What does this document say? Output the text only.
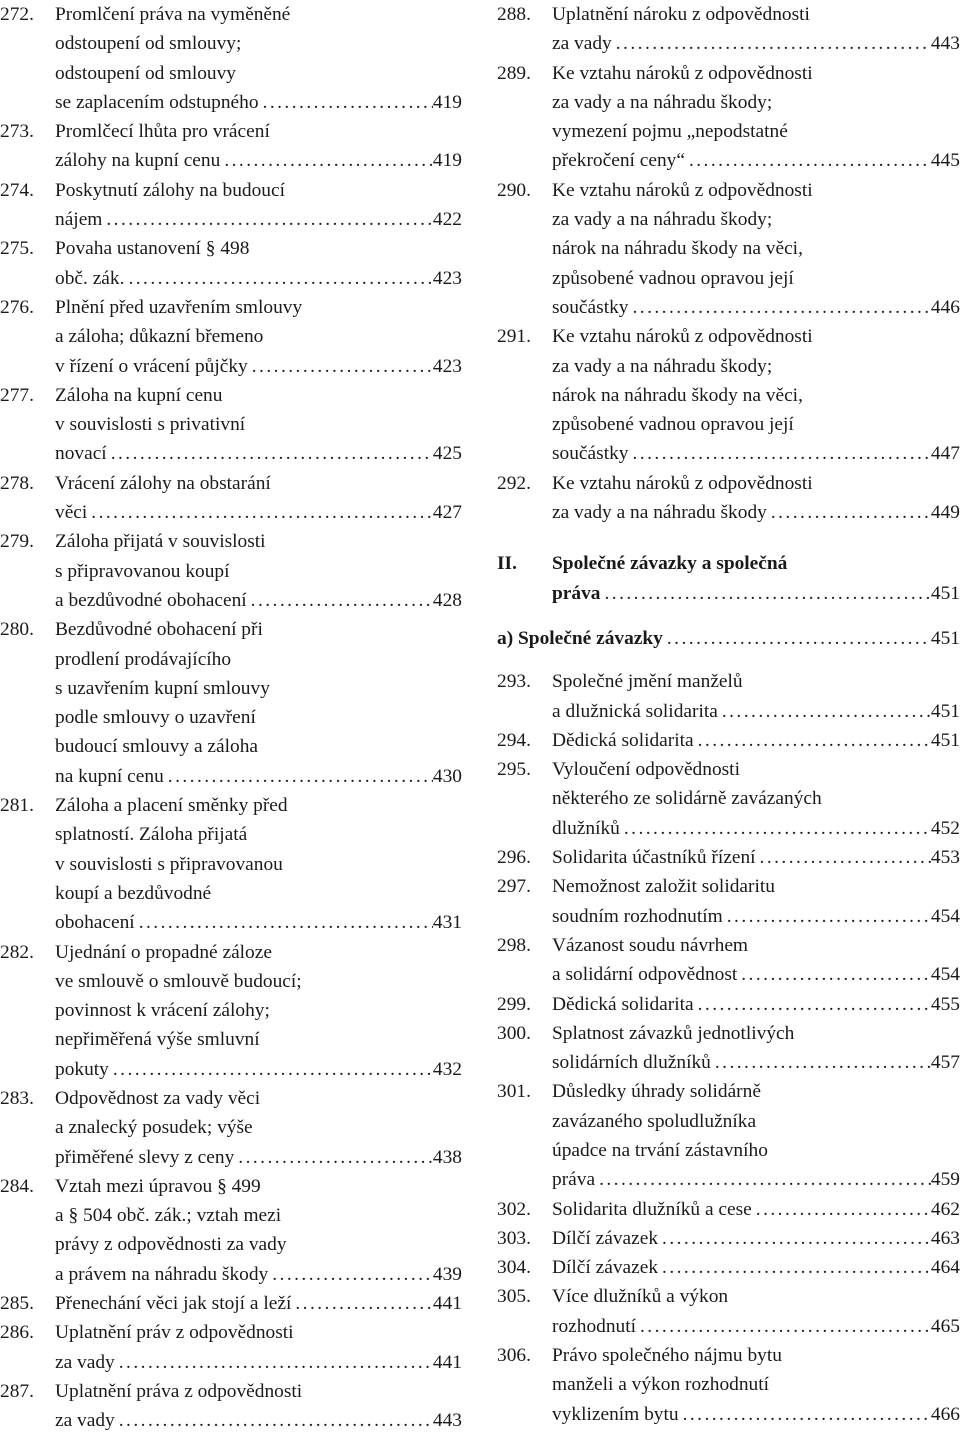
272. Promlčení práva na vyměněné
odstoupení od smlouvy;
odstoupení od smlouvy
se zaplacením odstupného . . .	419
273. Promlčecí lhůta pro vrácení
zálohy na kupní cenu . . .	419
274. Poskytnutí zálohy na budoucí
nájem . . .	422
275. Povaha ustanovení § 498
obč. zák. . . .	423
276. Plnění před uzavřením smlouvy
a záloha; důkazní břemeno
v řízení o vrácení půjčky . . .	423
277. Záloha na kupní cenu
v souvislosti s privativní
novací . . .	425
278. Vrácení zálohy na obstarání
věci . . .	427
279. Záloha přijatá v souvislosti
s připravovanou koupí
a bezdůvodné obohacení . . .	428
280. Bezdůvodné obohacení při
prodlení prodávajícího
s uzavřením kupní smlouvy
podle smlouvy o uzavření
budoucí smlouvy a záloha
na kupní cenu . . .	430
281. Záloha a placení směnky před
splatností. Záloha přijatá
v souvislosti s připravovanou
koupí a bezdůvodné
obohacení . . .	431
282. Ujednání o propadné záloze
ve smlouvě o smlouvě budoucí;
povinnost k vrácení zálohy;
nepřiměřená výše smluvní
pokuty . . .	432
283. Odpovědnost za vady věci
a znalecký posudek; výše
přiměřené slevy z ceny . . .	438
284. Vztah mezi úpravou § 499
a § 504 obč. zák.; vztah mezi
právy z odpovědnosti za vady
a právem na náhradu škody . . .	439
285. Přenechání věci jak stojí a leží . . .	441
286. Uplatnění práv z odpovědnosti
za vady . . .	441
287. Uplatnění práva z odpovědnosti
za vady . . .	443
288. Uplatnění nároku z odpovědnosti
za vady . . .	443
289. Ke vztahu nároků z odpovědnosti
za vady a na náhradu škody;
vymezení pojmu „nepodstatné
překročení ceny“ . . .	445
290. Ke vztahu nároků z odpovědnosti
za vady a na náhradu škody;
nárok na náhradu škody na věci,
způsobené vadnou opravou její
součástky . . .	446
291. Ke vztahu nároků z odpovědnosti
za vady a na náhradu škody;
nárok na náhradu škody na věci,
způsobené vadnou opravou její
součástky . . .	447
292. Ke vztahu nároků z odpovědnosti
za vady a na náhradu škody . . .	449
II. Společné závazky a společná
práva . . .	451
a) Společné závazky . . .	451
293. Společné jmění manželů
a dlužnická solidarita . . .	451
294. Dědická solidarita . . .	451
295. Vyloučení odpovědnosti
některého ze solidárně zavázaných
dlužníků . . .	452
296. Solidarita účastníků řízení . . .	453
297. Nemožnost založit solidaritu
soudním rozhodnutím . . .	454
298. Vázanost soudu návrhem
a solidární odpovědnost . . .	454
299. Dědická solidarita . . .	455
300. Splatnost závazků jednotlivých
solidárních dlužníků . . .	457
301. Důsledky úhrady solidárně
zavázaného spoludlužníka
úpadce na trvání zástavního
práva . . .	459
302. Solidarita dlužníků a cese . . .	462
303. Dílčí závazek . . .	463
304. Dílčí závazek . . .	464
305. Více dlužníků a výkon
rozhodnutí . . .	465
306. Právo společného nájmu bytu
manželi a výkon rozhodnutí
vyklizením bytu . . .	466
